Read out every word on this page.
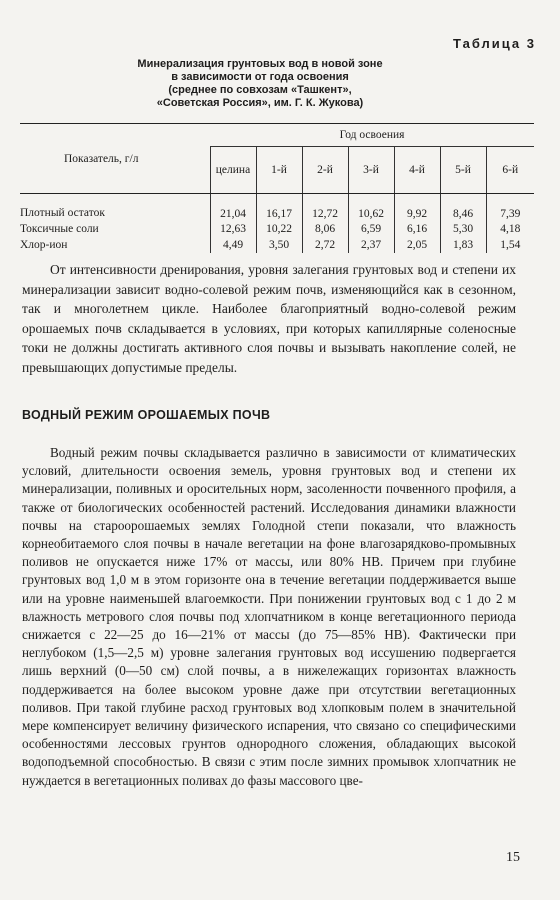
Таблица 3
Минерализация грунтовых вод в новой зоне
в зависимости от года освоения
(среднее по совхозам «Ташкент»,
«Советская Россия», им. Г. К. Жукова)
Показатель, г/л	Год освоения						
	целина	1-й	2-й	3-й	4-й	5-й	6-й
Плотный остаток	21,04	16,17	12,72	10,62	9,92	8,46	7,39
Токсичные соли	12,63	10,22	8,06	6,59	6,16	5,30	4,18
Хлор-ион	4,49	3,50	2,72	2,37	2,05	1,83	1,54

От интенсивности дренирования, уровня залегания грунтовых вод и степени их минерализации зависит водно-солевой режим почв, изменяющийся как в сезонном, так и многолетнем цикле. Наиболее благоприятный водно-солевой режим орошаемых почв складывается в условиях, при которых капиллярные соленосные токи не должны достигать активного слоя почвы и вызывать накопление солей, не превышающих допустимые пределы.

ВОДНЫЙ РЕЖИМ ОРОШАЕМЫХ ПОЧВ

Водный режим почвы складывается различно в зависимости от климатических условий, длительности освоения земель, уровня грунтовых вод и степени их минерализации, поливных и оросительных норм, засоленности почвенного профиля, а также от биологических особенностей растений. Исследования динамики влажности почвы на староорошаемых землях Голодной степи показали, что влажность корнеобитаемого слоя почвы в начале вегетации на фоне влагозарядково-промывных поливов не опускается ниже 17% от массы, или 80% НВ. Причем при глубине грунтовых вод 1,0 м в этом горизонте она в течение вегетации поддерживается выше или на уровне наименьшей влагоемкости. При понижении грунтовых вод с 1 до 2 м влажность метрового слоя почвы под хлопчатником в конце вегетационного периода снижается с 22—25 до 16—21% от массы (до 75—85% НВ). Фактически при неглубоком (1,5—2,5 м) уровне залегания грунтовых вод иссушению подвергается лишь верхний (0—50 см) слой почвы, а в нижележащих горизонтах влажность поддерживается на более высоком уровне даже при отсутствии вегетационных поливов. При такой глубине расход грунтовых вод хлопковым полем в значительной мере компенсирует величину физического испарения, что связано со специфическими особенностями лессовых грунтов однородного сложения, обладающих высокой водоподъемной способностью. В связи с этим после зимних промывок хлопчатник не нуждается в вегетационных поливах до фазы массового цве-

15
